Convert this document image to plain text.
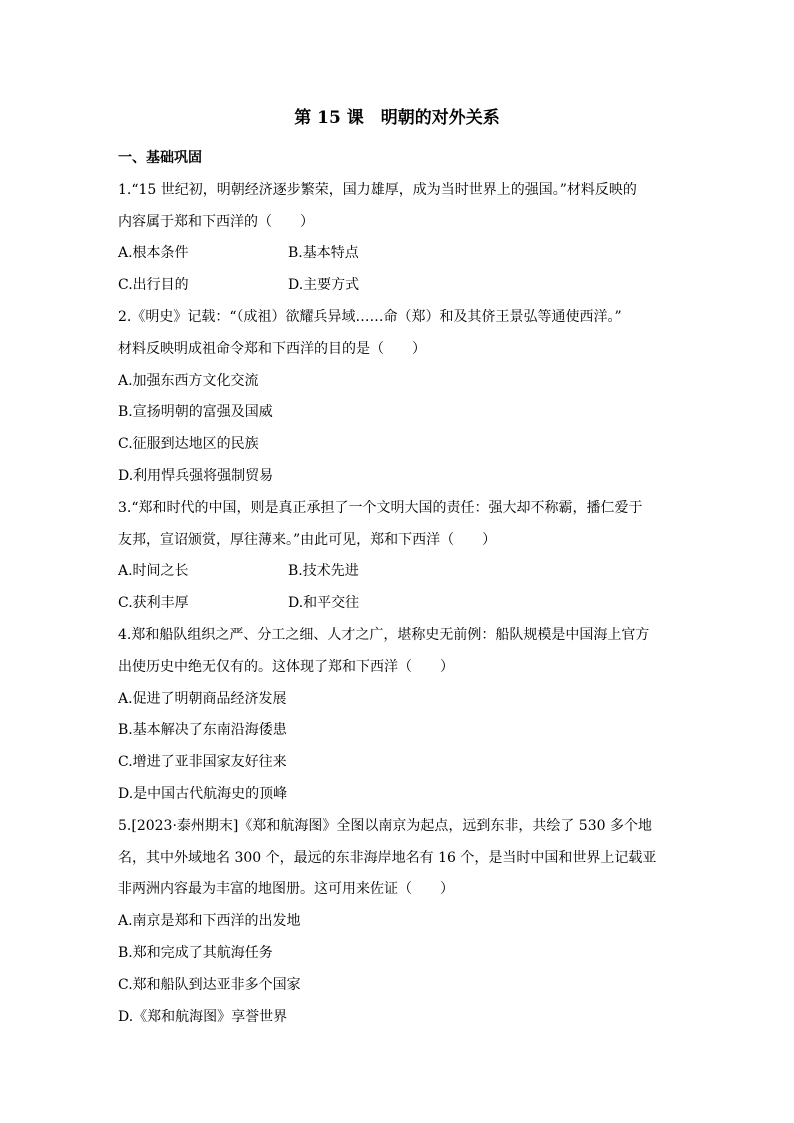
第 15 课　明朝的对外关系
一、基础巩固
1.“15 世纪初，明朝经济逐步繁荣，国力雄厚，成为当时世界上的强国。”材料反映的
内容属于郑和下西洋的（　　）
A.根本条件	B.基本特点
C.出行目的	D.主要方式
2.《明史》记载：“（成祖）欲耀兵异域……命（郑）和及其侪王景弘等通使西洋。”
材料反映明成祖命令郑和下西洋的目的是（　　）
A.加强东西方文化交流
B.宣扬明朝的富强及国威
C.征服到达地区的民族
D.利用悍兵强将强制贸易
3.“郑和时代的中国，则是真正承担了一个文明大国的责任：强大却不称霸，播仁爱于
友邦，宣诏颁赏，厚往薄来。”由此可见，郑和下西洋（　　）
A.时间之长	B.技术先进
C.获利丰厚	D.和平交往
4.郑和船队组织之严、分工之细、人才之广，堪称史无前例：船队规模是中国海上官方
出使历史中绝无仅有的。这体现了郑和下西洋（　　）
A.促进了明朝商品经济发展
B.基本解决了东南沿海倭患
C.增进了亚非国家友好往来
D.是中国古代航海史的顶峰
5.[2023·泰州期末]《郑和航海图》全图以南京为起点，远到东非，共绘了 530 多个地
名，其中外域地名 300 个，最远的东非海岸地名有 16 个，是当时中国和世界上记载亚
非两洲内容最为丰富的地图册。这可用来佐证（　　）
A.南京是郑和下西洋的出发地
B.郑和完成了其航海任务
C.郑和船队到达亚非多个国家
D.《郑和航海图》享誉世界
